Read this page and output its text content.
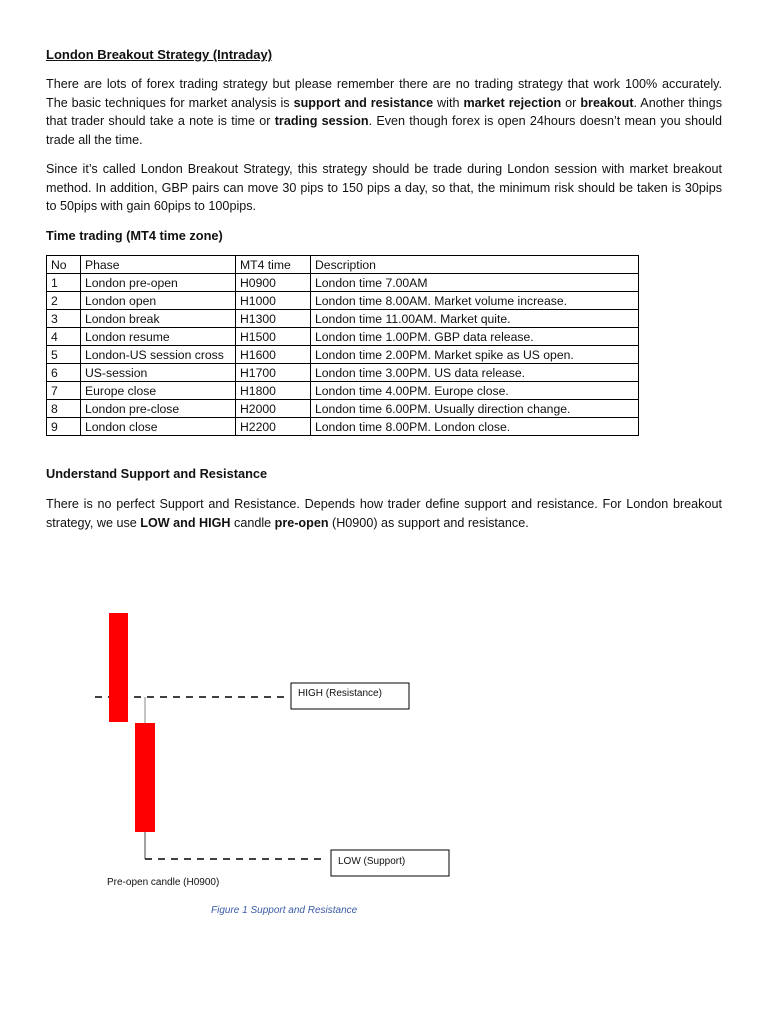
London Breakout Strategy (Intraday)
There are lots of forex trading strategy but please remember there are no trading strategy that work 100% accurately. The basic techniques for market analysis is support and resistance with market rejection or breakout. Another things that trader should take a note is time or trading session. Even though forex is open 24hours doesn’t mean you should trade all the time.
Since it’s called London Breakout Strategy, this strategy should be trade during London session with market breakout method. In addition, GBP pairs can move 30 pips to 150 pips a day, so that, the minimum risk should be taken is 30pips to 50pips with gain 60pips to 100pips.
Time trading (MT4 time zone)
No	Phase	MT4 time	Description
1	London pre-open	H0900	London time 7.00AM
2	London open	H1000	London time 8.00AM. Market volume increase.
3	London break	H1300	London time 11.00AM. Market quite.
4	London resume	H1500	London time 1.00PM. GBP data release.
5	London-US session cross	H1600	London time 2.00PM. Market spike as US open.
6	US-session	H1700	London time 3.00PM. US data release.
7	Europe close	H1800	London time 4.00PM. Europe close.
8	London pre-close	H2000	London time 6.00PM. Usually direction change.
9	London close	H2200	London time 8.00PM. London close.
Understand Support and Resistance
There is no perfect Support and Resistance. Depends how trader define support and resistance. For London breakout strategy, we use LOW and HIGH candle pre-open (H0900) as support and resistance.
HIGH (Resistance)
LOW (Support)
Pre-open candle (H0900)
Figure 1 Support and Resistance
